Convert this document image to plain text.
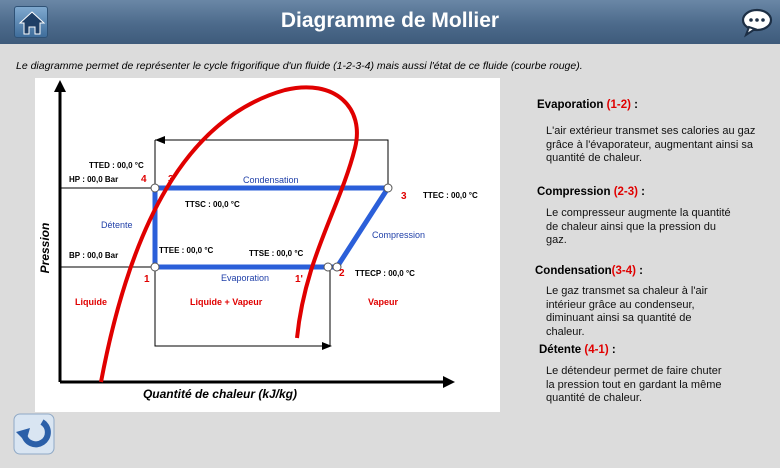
Diagramme de Mollier
Le diagramme permet de représenter le cycle frigorifique d'un fluide (1-2-3-4) mais aussi l'état de ce fluide (courbe rouge).
Pression
Quantité de chaleur (kJ/kg)
4 3'
3
1	1'
2
TTED : 00,0 °C
HP : 00,0 Bar
BP : 00,0 Bar
TTSC : 00,0 °C
TTEE : 00,0 °C	TTSE : 00,0 °C
TTEC : 00,0 °C
TTECP : 00,0 °C
Condensation
Détente
Compression
Evaporation
Liquide	Liquide + Vapeur	Vapeur
Evaporation (1-2) :
L'air extérieur transmet ses calories au gaz grâce à l'évaporateur, augmentant ainsi sa quantité de chaleur.
Compression (2-3) :
Le compresseur augmente la quantité de chaleur ainsi que la pression du gaz.
Condensation(3-4) :
Le gaz transmet sa chaleur à l'air intérieur grâce au condenseur, diminuant ainsi sa quantité de chaleur.
Détente (4-1) :
Le détendeur permet de faire chuter la pression tout en gardant la même quantité de chaleur.
